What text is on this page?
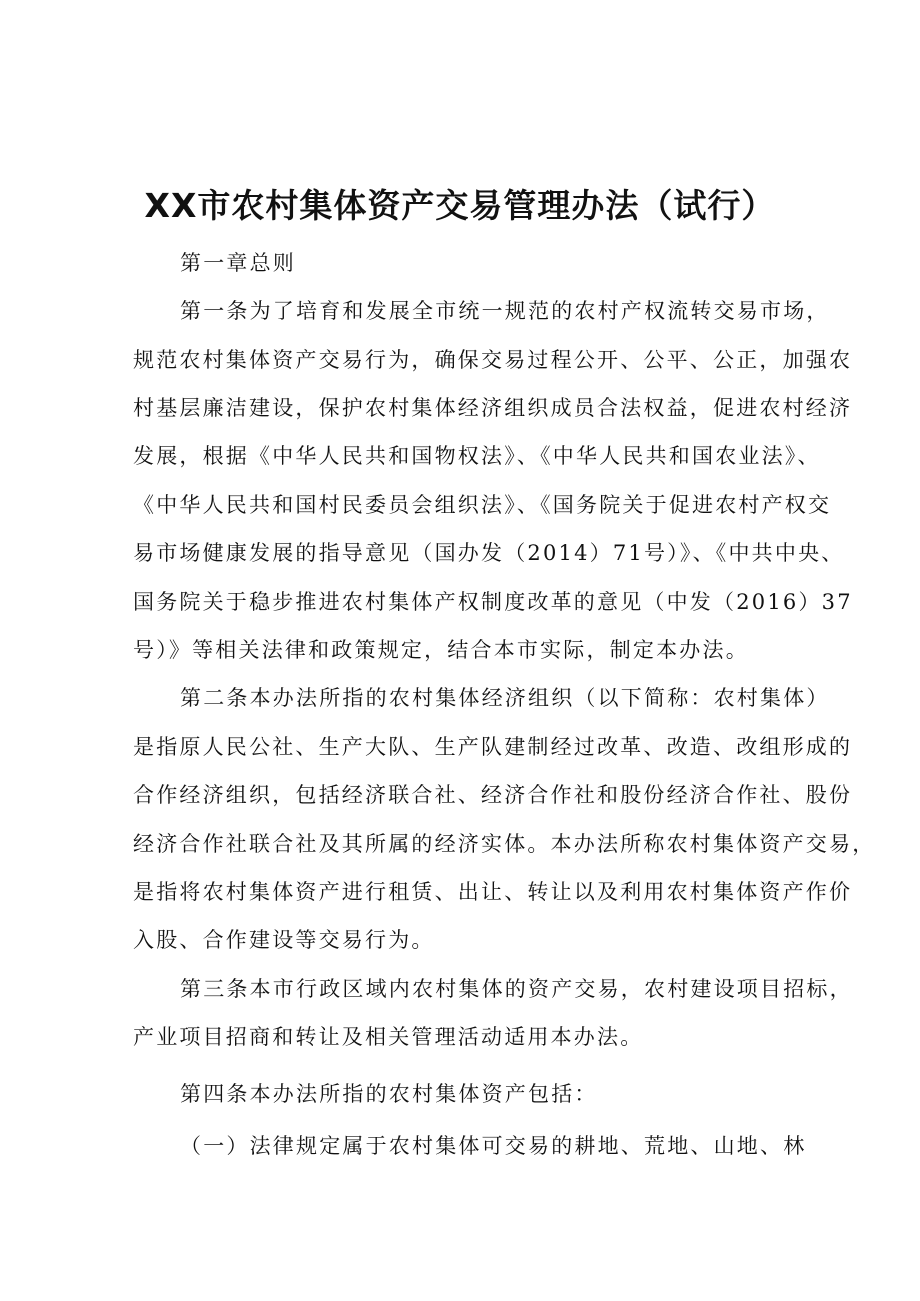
XX市农村集体资产交易管理办法（试行）
第一章总则
第一条为了培育和发展全市统一规范的农村产权流转交易市场，
规范农村集体资产交易行为，确保交易过程公开、公平、公正，加强农
村基层廉洁建设，保护农村集体经济组织成员合法权益，促进农村经济
发展，根据《中华人民共和国物权法》、《中华人民共和国农业法》、
《中华人民共和国村民委员会组织法》、《国务院关于促进农村产权交
易市场健康发展的指导意见（国办发（2014）71号）》、《中共中央、
国务院关于稳步推进农村集体产权制度改革的意见（中发（2016）37
号）》等相关法律和政策规定，结合本市实际，制定本办法。
第二条本办法所指的农村集体经济组织（以下简称：农村集体）
是指原人民公社、生产大队、生产队建制经过改革、改造、改组形成的
合作经济组织，包括经济联合社、经济合作社和股份经济合作社、股份
经济合作社联合社及其所属的经济实体。本办法所称农村集体资产交易，
是指将农村集体资产进行租赁、出让、转让以及利用农村集体资产作价
入股、合作建设等交易行为。
第三条本市行政区域内农村集体的资产交易，农村建设项目招标，
产业项目招商和转让及相关管理活动适用本办法。
第四条本办法所指的农村集体资产包括：
（一）法律规定属于农村集体可交易的耕地、荒地、山地、林
